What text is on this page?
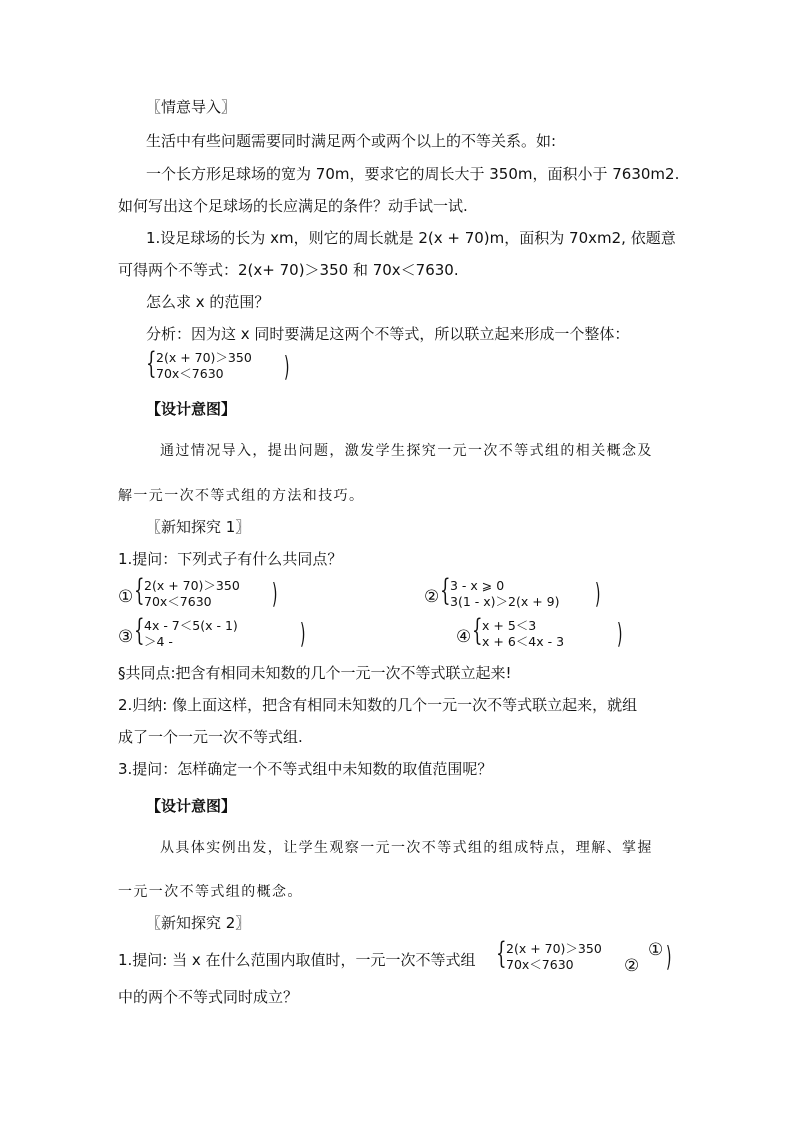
〖情意导入〗
生活中有些问题需要同时满足两个或两个以上的不等关系。如:
一个长方形足球场的宽为 70m，要求它的周长大于 350m，面积小于 7630m2.
如何写出这个足球场的长应满足的条件？动手试一试.
1.设足球场的长为 xm，则它的周长就是 2(x + 70)m，面积为 70xm2, 依题意
可得两个不等式：2(x+ 70)＞350 和 70x＜7630.
怎么求 x 的范围？
分析：因为这 x 同时要满足这两个不等式，所以联立起来形成一个整体：
{ 2(x + 70)＞350
70x＜7630 )
【设计意图】
通过情况导入，提出问题，激发学生探究一元一次不等式组的相关概念及
解一元一次不等式组的方法和技巧。
〖新知探究 1〗
1.提问：下列式子有什么共同点？
① { 2(x + 70)＞350
70x＜7630 )	② { 3 - x ⩾ 0
3(1 - x)＞2(x + 9) )
③ { 4x - 7＜5(x - 1)
＞4 -	)	④ { x + 5＜3
x + 6＜4x - 3 )
§共同点:把含有相同未知数的几个一元一次不等式联立起来!
2.归纳: 像上面这样，把含有相同未知数的几个一元一次不等式联立起来，就组
成了一个一元一次不等式组.
3.提问：怎样确定一个不等式组中未知数的取值范围呢？
【设计意图】
从具体实例出发，让学生观察一元一次不等式组的组成特点，理解、掌握
一元一次不等式组的概念。
〖新知探究 2〗
1.提问: 当 x 在什么范围内取值时，一元一次不等式组 { 2(x + 70)＞350
70x＜7630
①
② )
中的两个不等式同时成立？
